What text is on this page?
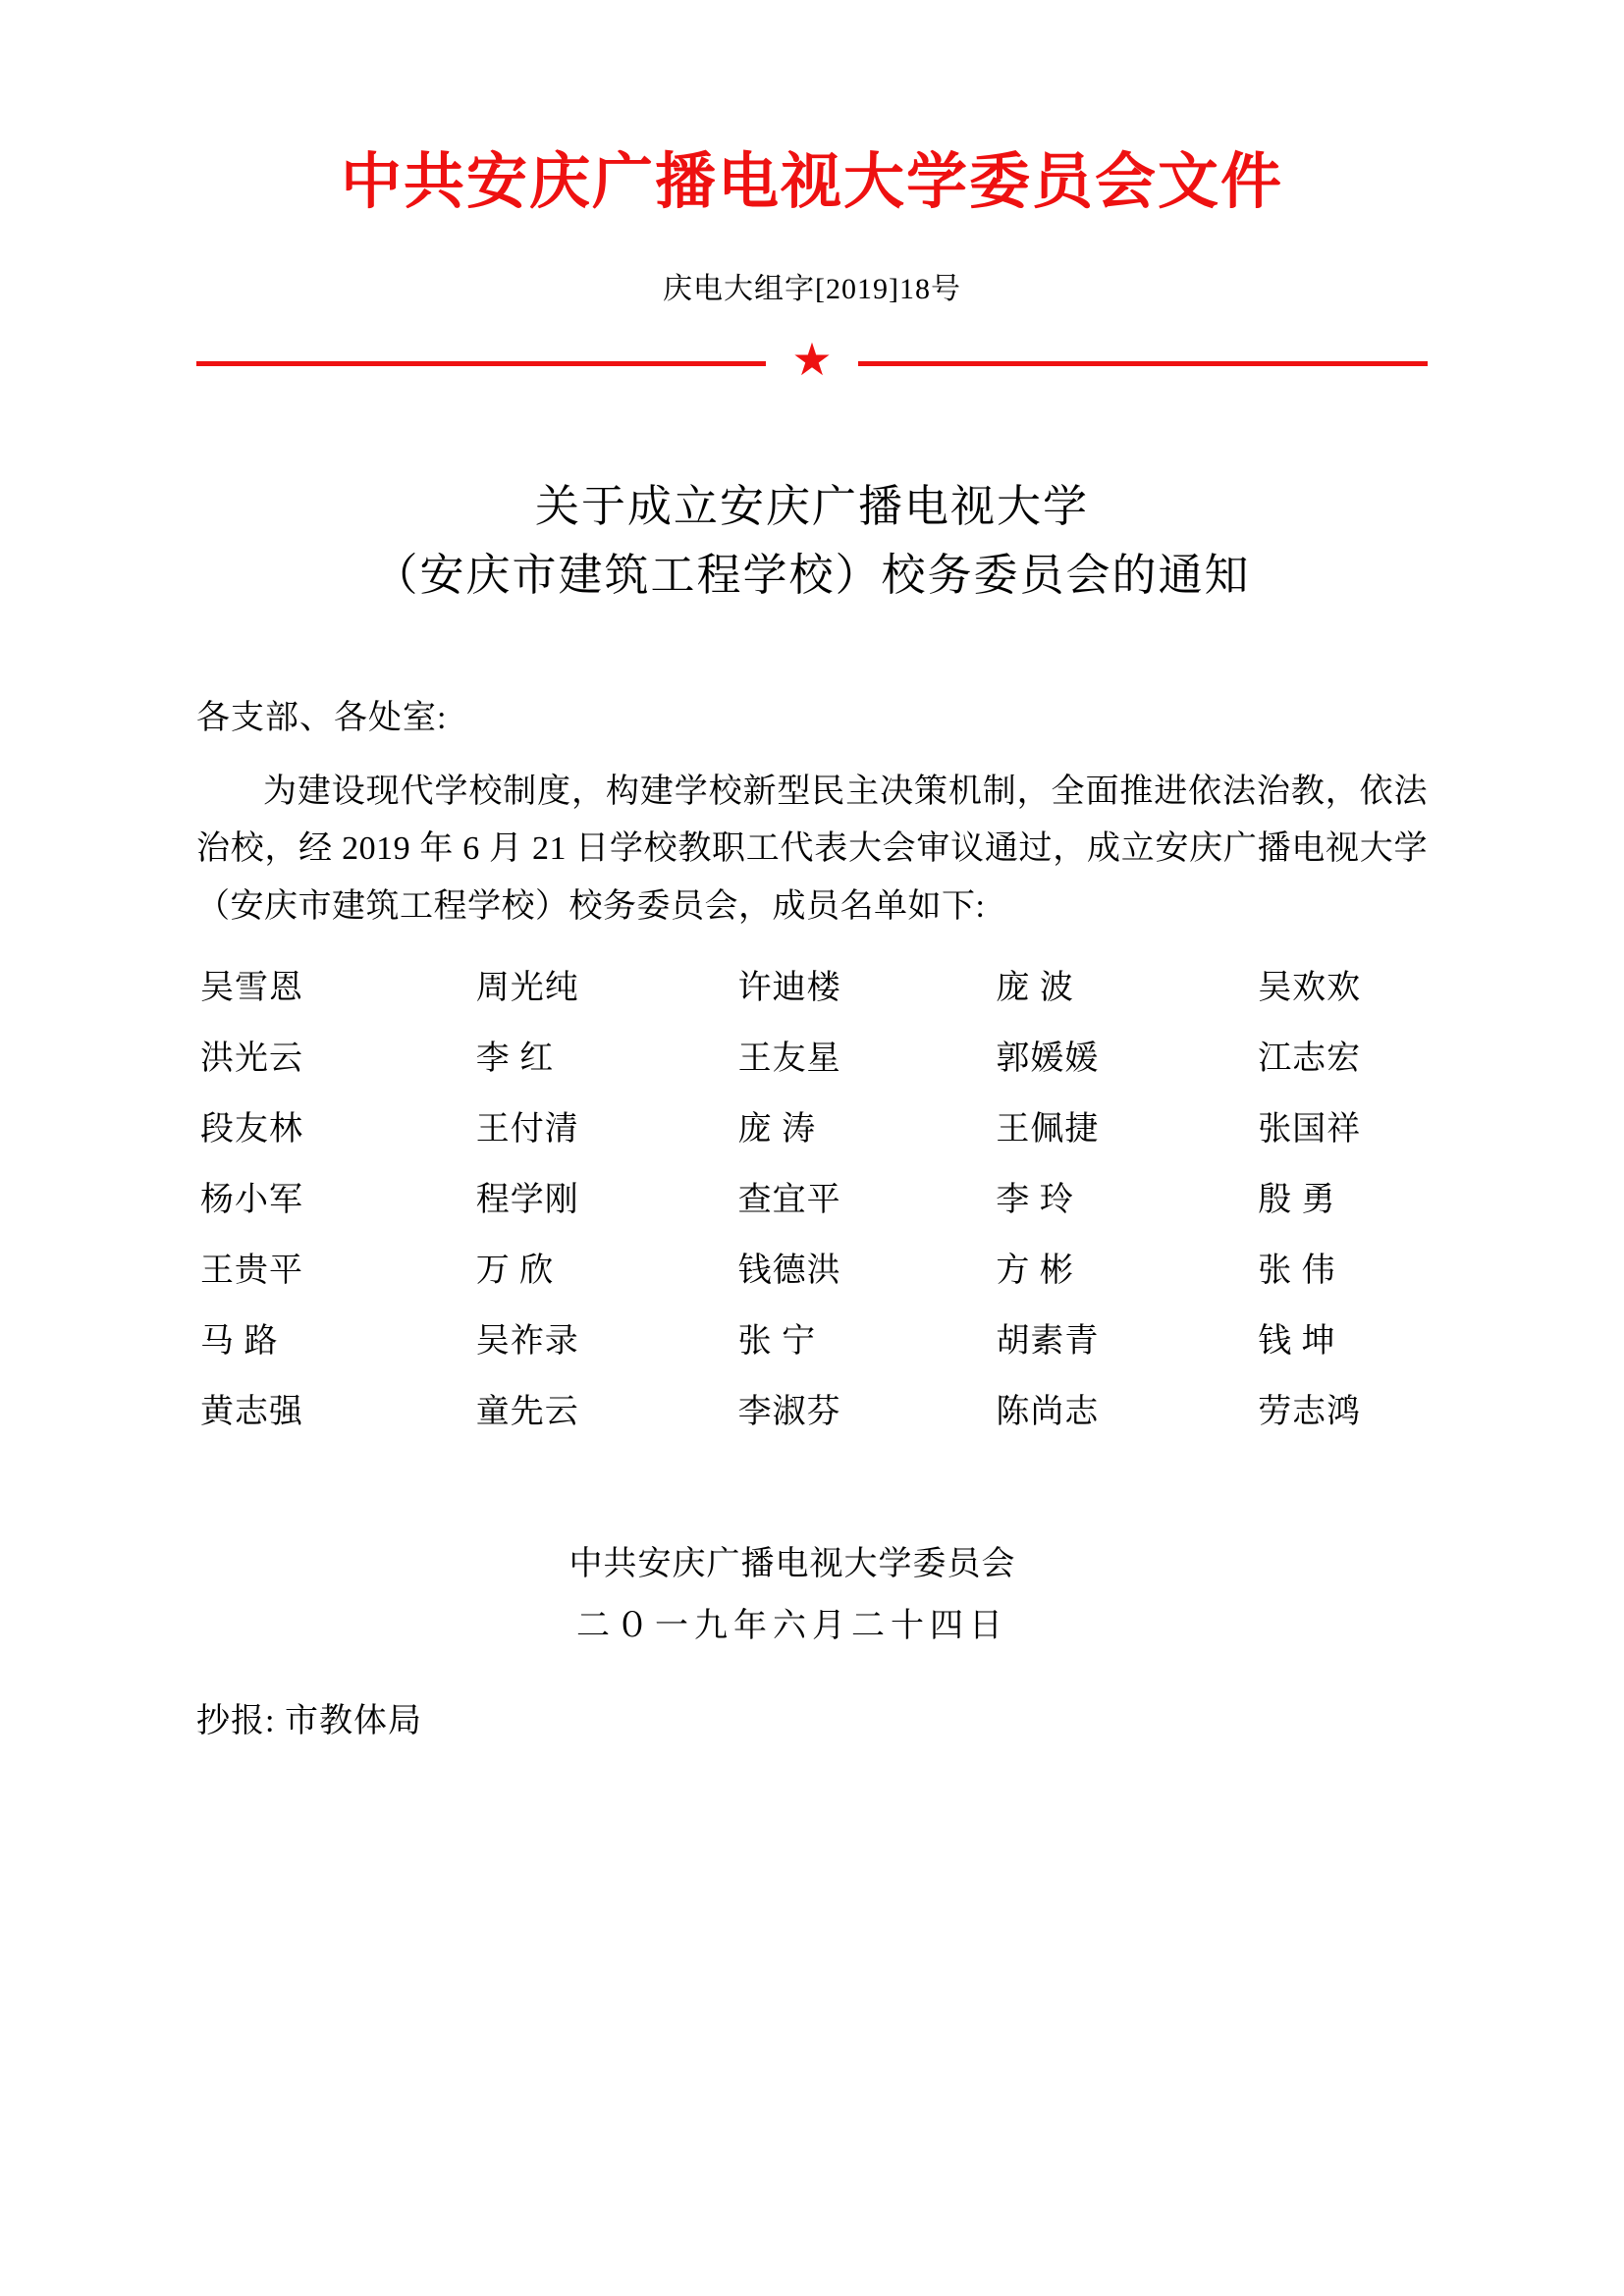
中共安庆广播电视大学委员会文件
庆电大组字[2019]18号
★
关于成立安庆广播电视大学
（安庆市建筑工程学校）校务委员会的通知
各支部、各处室:
为建设现代学校制度，构建学校新型民主决策机制，全面推进依法治教，依法治校，经 2019 年 6 月 21 日学校教职工代表大会审议通过，成立安庆广播电视大学（安庆市建筑工程学校）校务委员会，成员名单如下:
吴雪恩	周光纯	许迪楼	庞 波	吴欢欢
洪光云	李 红	王友星	郭媛媛	江志宏
段友林	王付清	庞 涛	王佩捷	张国祥
杨小军	程学刚	查宜平	李 玲	殷 勇
王贵平	万 欣	钱德洪	方 彬	张 伟
马 路	吴祚录	张 宁	胡素青	钱 坤
黄志强	童先云	李淑芬	陈尚志	劳志鸿
中共安庆广播电视大学委员会
二０一九年六月二十四日
抄报: 市教体局
